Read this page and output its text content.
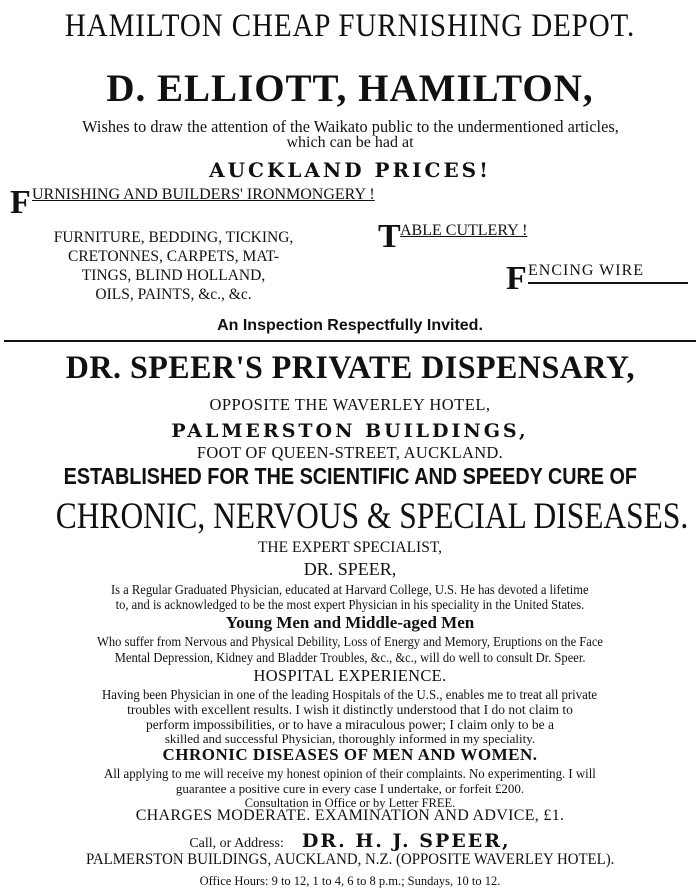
HAMILTON CHEAP FURNISHING DEPOT.
D. ELLIOTT, HAMILTON,
Wishes to draw the attention of the Waikato public to the undermentioned articles,
which can be had at
AUCKLAND PRICES!
F URNISHING AND BUILDERS' IRONMONGERY !
FURNITURE, BEDDING, TICKING,
CRETONNES, CARPETS, MAT-
TINGS, BLIND HOLLAND,
OILS, PAINTS, &c., &c.
T ABLE CUTLERY !
F ENCING WIRE
An Inspection Respectfully Invited.
DR. SPEER'S PRIVATE DISPENSARY,
OPPOSITE THE WAVERLEY HOTEL,
PALMERSTON BUILDINGS,
FOOT OF QUEEN-STREET, AUCKLAND.
ESTABLISHED FOR THE SCIENTIFIC AND SPEEDY CURE OF
CHRONIC, NERVOUS & SPECIAL DISEASES.
THE EXPERT SPECIALIST,
DR. SPEER,
Is a Regular Graduated Physician, educated at Harvard College, U.S. He has devoted a lifetime
to, and is acknowledged to be the most expert Physician in his speciality in the United States.
Young Men and Middle-aged Men
Who suffer from Nervous and Physical Debility, Loss of Energy and Memory, Eruptions on the Face
Mental Depression, Kidney and Bladder Troubles, &c., &c., will do well to consult Dr. Speer.
HOSPITAL EXPERIENCE.
Having been Physician in one of the leading Hospitals of the U.S., enables me to treat all private
troubles with excellent results. I wish it distinctly understood that I do not claim to
perform impossibilities, or to have a miraculous power; I claim only to be a
skilled and successful Physician, thoroughly informed in my speciality.
CHRONIC DISEASES OF MEN AND WOMEN.
All applying to me will receive my honest opinion of their complaints. No experimenting. I will
guarantee a positive cure in every case I undertake, or forfeit £200.
Consultation in Office or by Letter FREE.
CHARGES MODERATE. EXAMINATION AND ADVICE, £1.
Call, or Address: DR. H. J. SPEER,
PALMERSTON BUILDINGS, AUCKLAND, N.Z. (OPPOSITE WAVERLEY HOTEL).
Office Hours: 9 to 12, 1 to 4, 6 to 8 p.m.; Sundays, 10 to 12.
